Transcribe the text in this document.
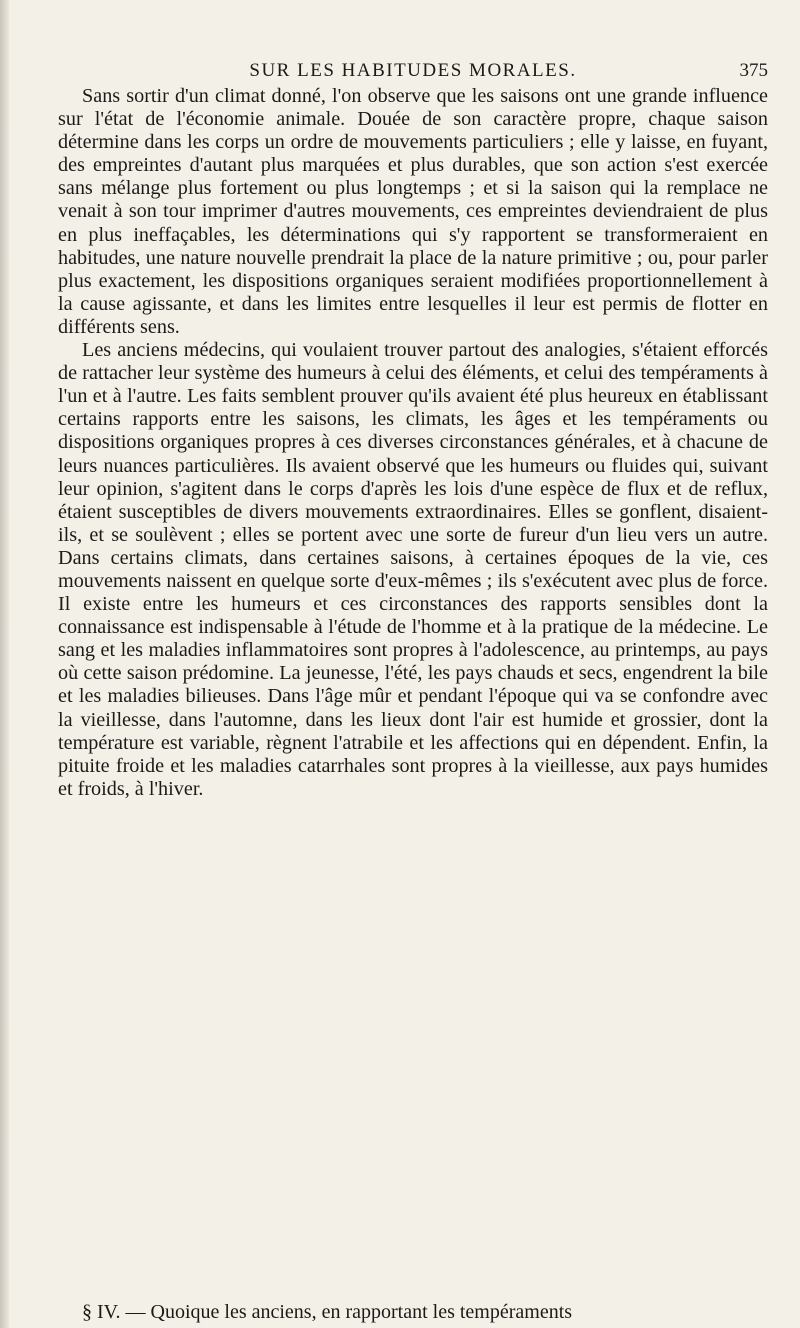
SUR LES HABITUDES MORALES.	375

Sans sortir d'un climat donné, l'on observe que les saisons ont une grande influence sur l'état de l'économie animale. Douée de son caractère propre, chaque saison détermine dans les corps un ordre de mouvements particuliers ; elle y laisse, en fuyant, des empreintes d'autant plus marquées et plus durables, que son action s'est exercée sans mélange plus fortement ou plus longtemps ; et si la saison qui la remplace ne venait à son tour imprimer d'autres mouvements, ces empreintes deviendraient de plus en plus ineffaçables, les déterminations qui s'y rapportent se transformeraient en habitudes, une nature nouvelle prendrait la place de la nature primitive ; ou, pour parler plus exactement, les dispositions organiques seraient modifiées proportionnellement à la cause agissante, et dans les limites entre lesquelles il leur est permis de flotter en différents sens.

Les anciens médecins, qui voulaient trouver partout des analogies, s'étaient efforcés de rattacher leur système des humeurs à celui des éléments, et celui des tempéraments à l'un et à l'autre. Les faits semblent prouver qu'ils avaient été plus heureux en établissant certains rapports entre les saisons, les climats, les âges et les tempéraments ou dispositions organiques propres à ces diverses circonstances générales, et à chacune de leurs nuances particulières. Ils avaient observé que les humeurs ou fluides qui, suivant leur opinion, s'agitent dans le corps d'après les lois d'une espèce de flux et de reflux, étaient susceptibles de divers mouvements extraordinaires. Elles se gonflent, disaient-ils, et se soulèvent ; elles se portent avec une sorte de fureur d'un lieu vers un autre. Dans certains climats, dans certaines saisons, à certaines époques de la vie, ces mouvements naissent en quelque sorte d'eux-mêmes ; ils s'exécutent avec plus de force. Il existe entre les humeurs et ces circonstances des rapports sensibles dont la connaissance est indispensable à l'étude de l'homme et à la pratique de la médecine. Le sang et les maladies inflammatoires sont propres à l'adolescence, au printemps, au pays où cette saison prédomine. La jeunesse, l'été, les pays chauds et secs, engendrent la bile et les maladies bilieuses. Dans l'âge mûr et pendant l'époque qui va se confondre avec la vieillesse, dans l'automne, dans les lieux dont l'air est humide et grossier, dont la température est variable, règnent l'atrabile et les affections qui en dépendent. Enfin, la pituite froide et les maladies catarrhales sont propres à la vieillesse, aux pays humides et froids, à l'hiver.

§ IV. — Quoique les anciens, en rapportant les tempéraments
